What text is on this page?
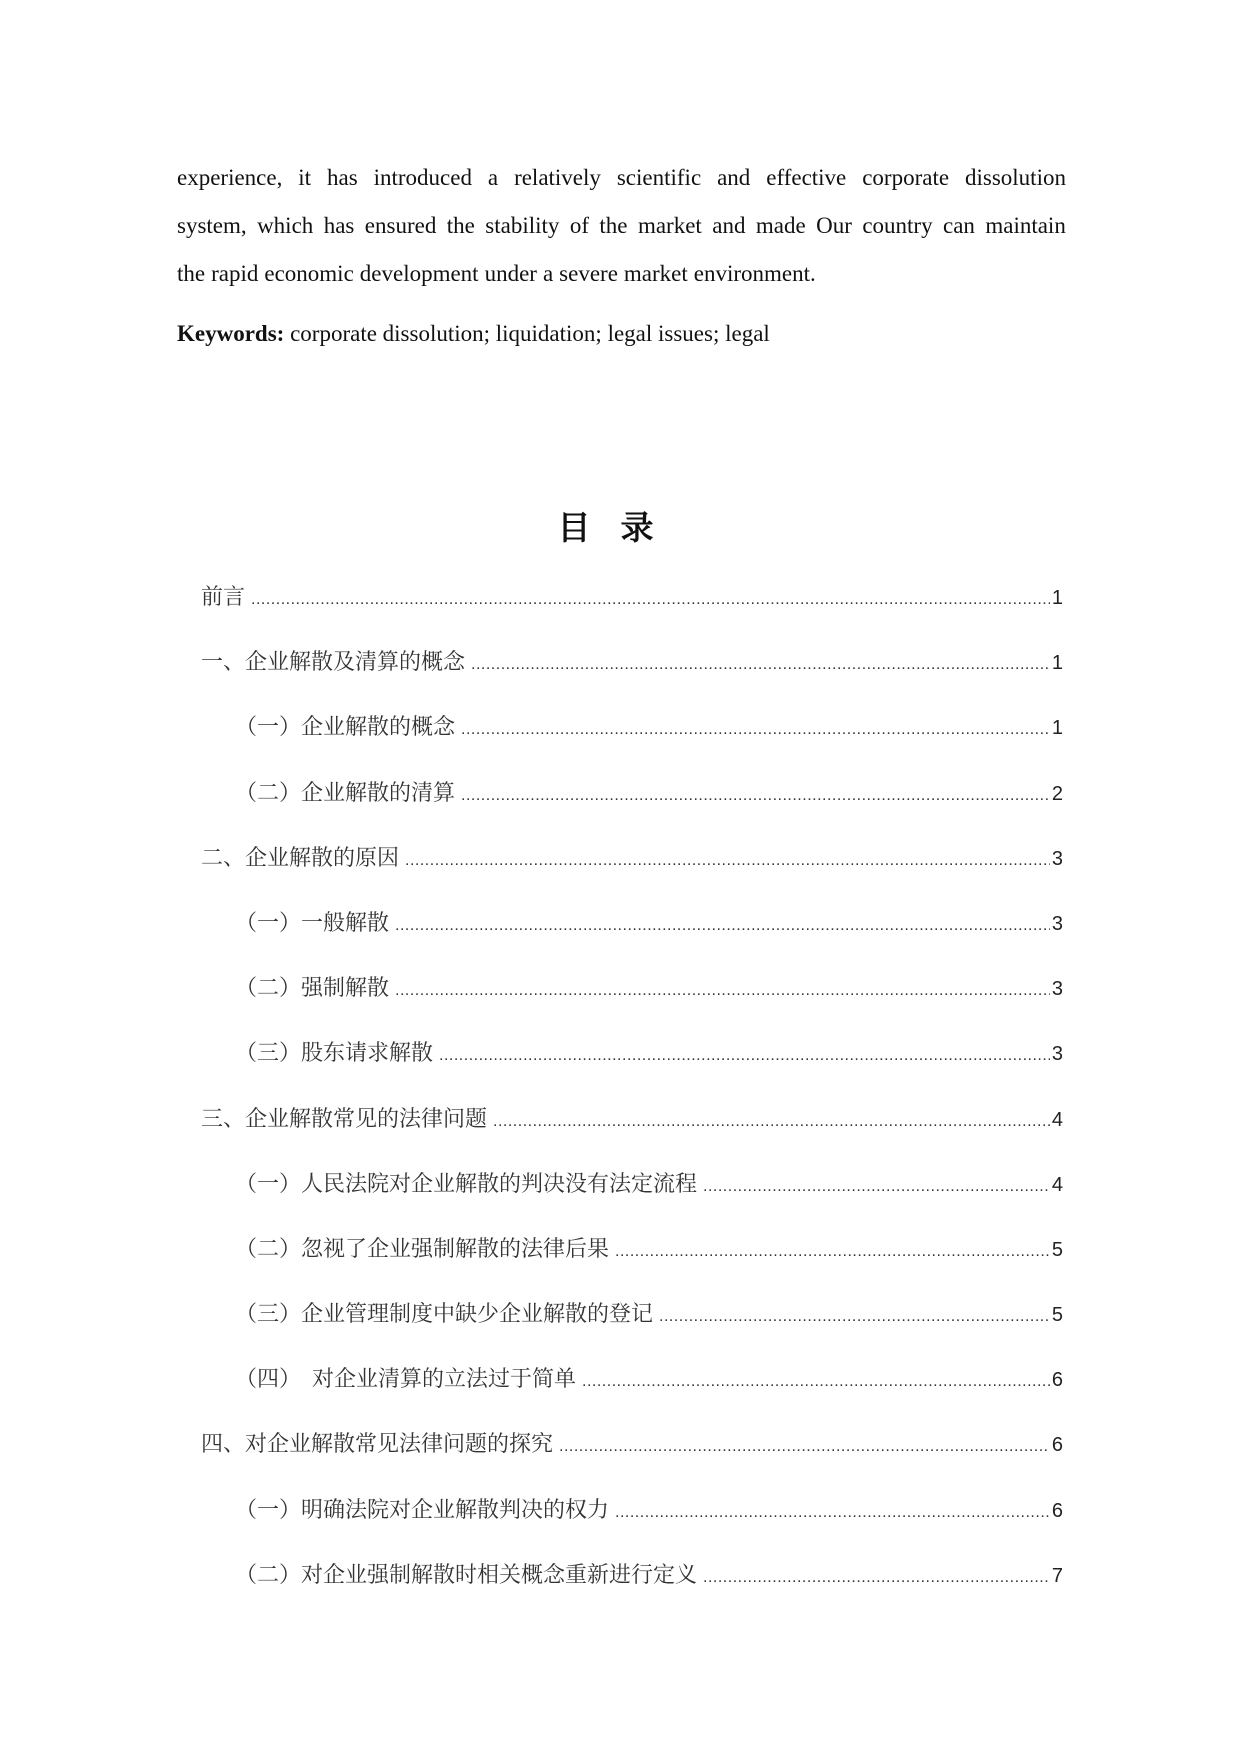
experience, it has introduced a relatively scientific and effective corporate dissolution
system, which has ensured the stability of the market and made Our country can maintain
the rapid economic development under a severe market environment.
Keywords: corporate dissolution; liquidation; legal issues; legal
目录
前言 .....	1
一、企业解散及清算的概念 .....	1
（一）企业解散的概念 .....	1
（二）企业解散的清算 .....	2
二、企业解散的原因 .....	3
（一）一般解散 .....	3
（二）强制解散 .....	3
（三）股东请求解散 .....	3
三、企业解散常见的法律问题 .....	4
（一）人民法院对企业解散的判决没有法定流程 .....	4
（二）忽视了企业强制解散的法律后果 .....	5
（三）企业管理制度中缺少企业解散的登记 .....	5
（四）　对企业清算的立法过于简单 .....	6
四、对企业解散常见法律问题的探究 .....	6
（一）明确法院对企业解散判决的权力 .....	6
（二）对企业强制解散时相关概念重新进行定义 .....	7
